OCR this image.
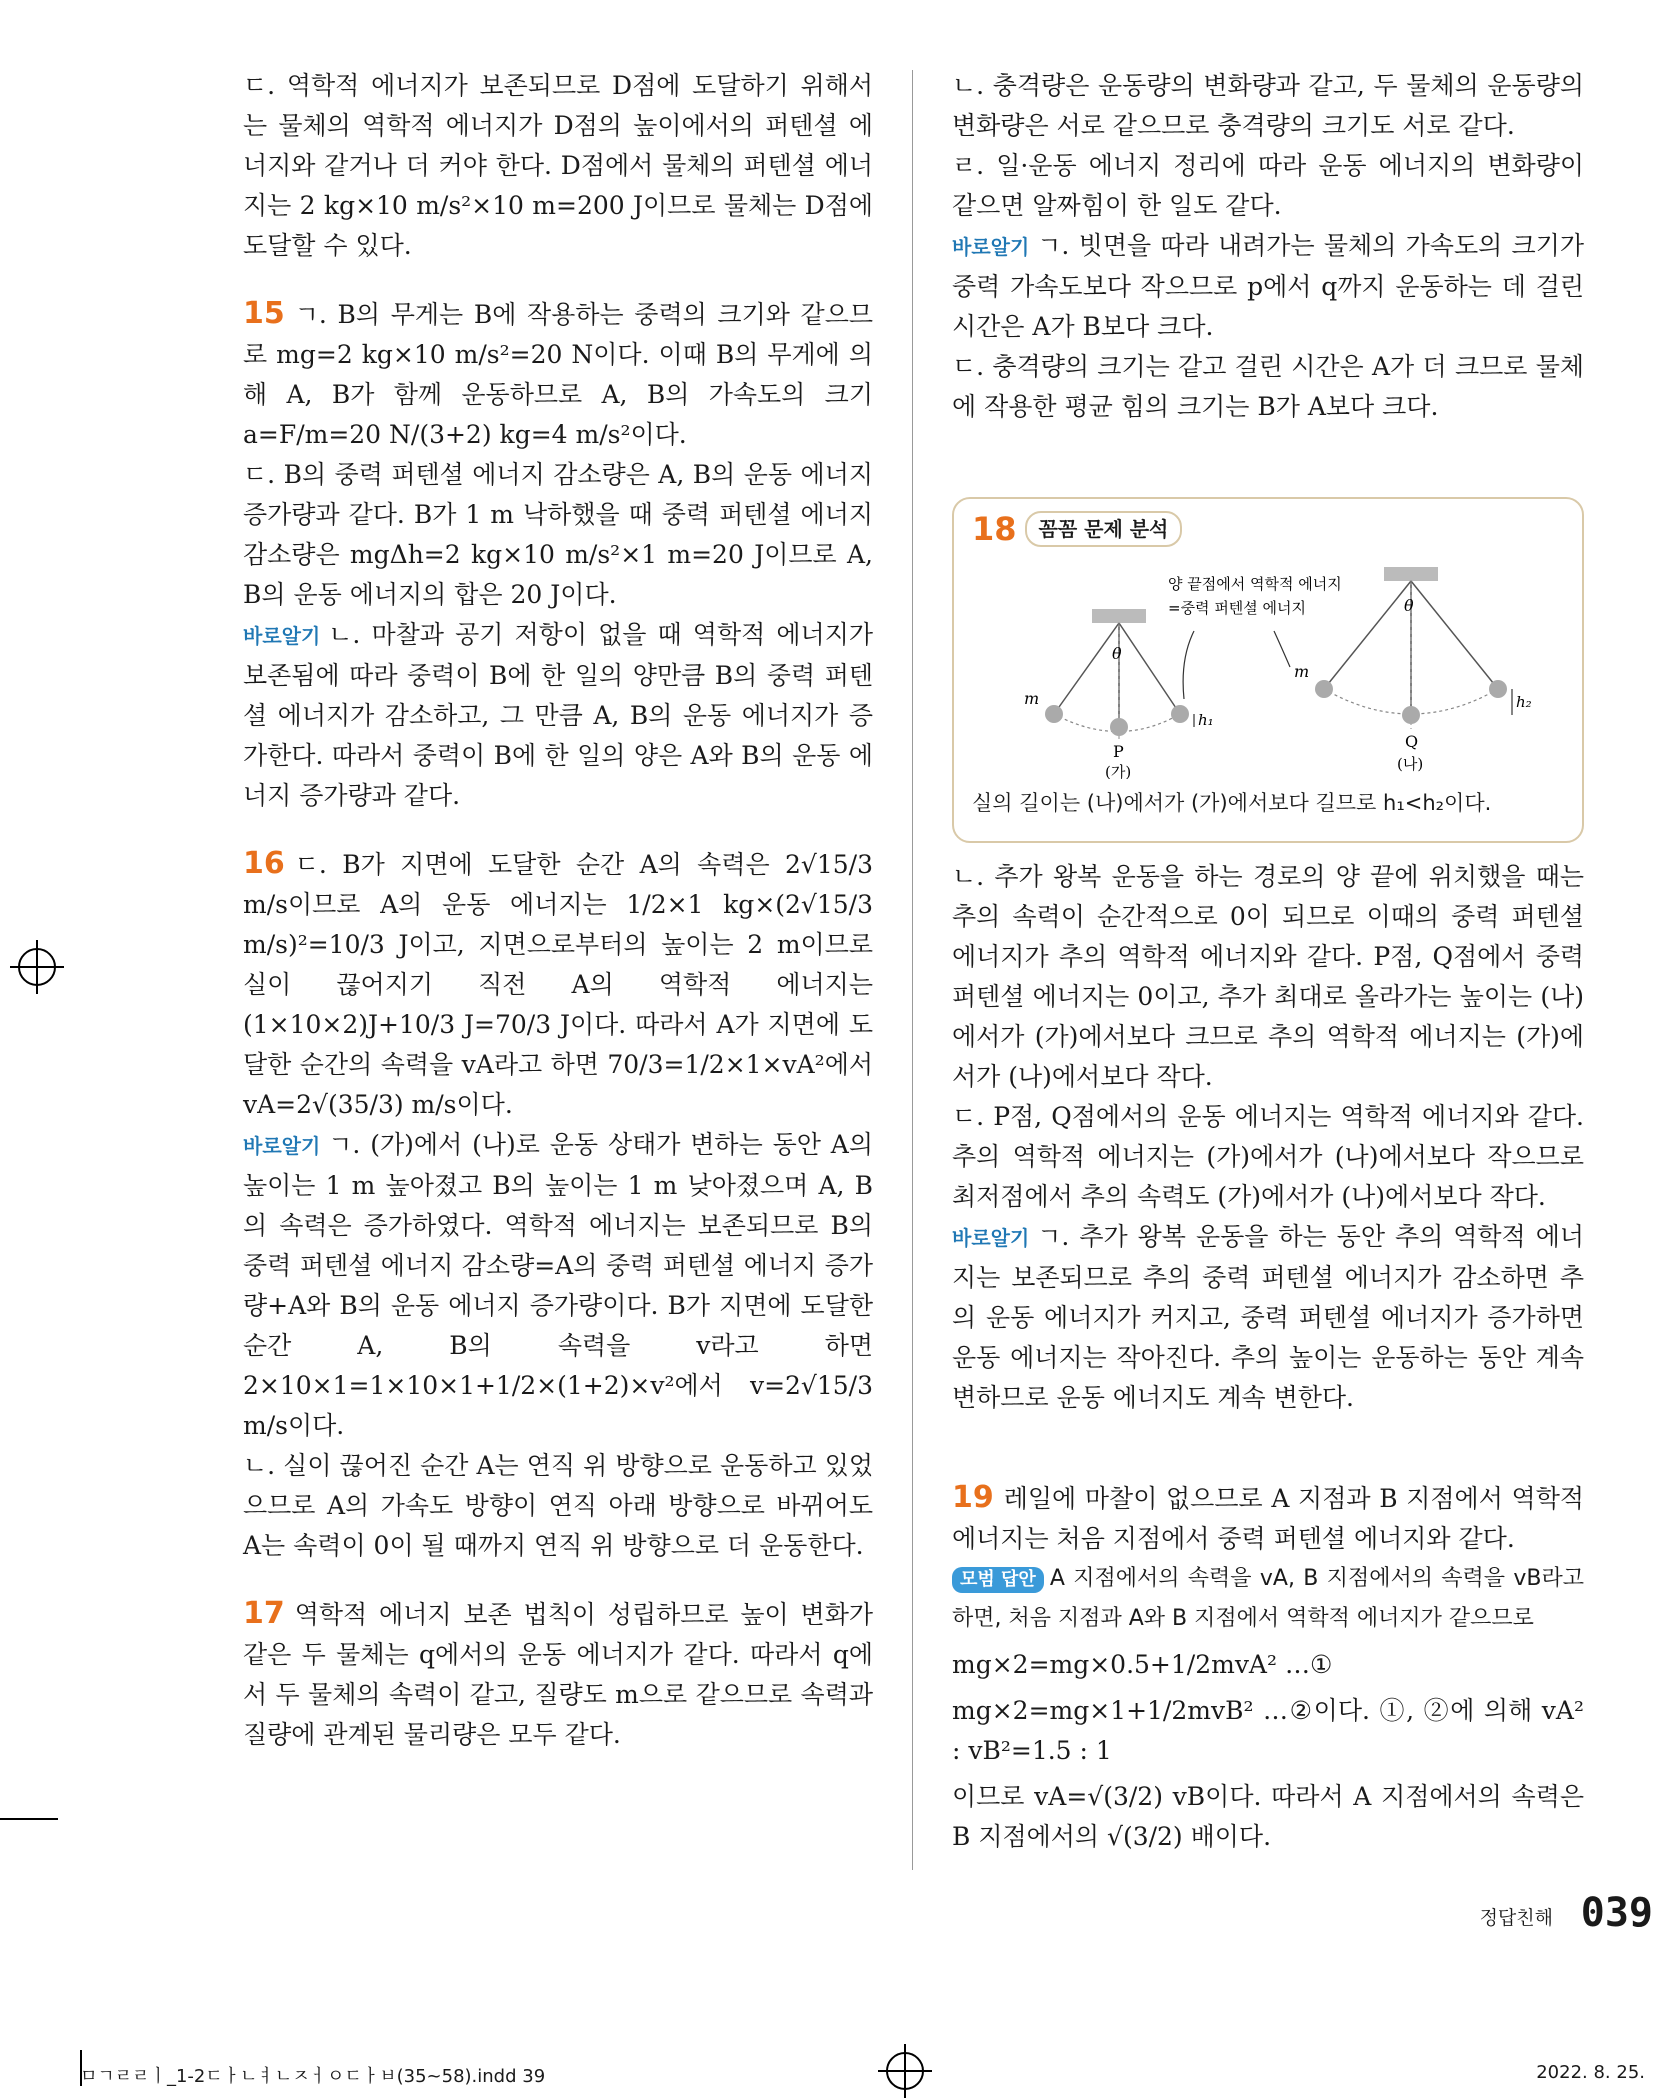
ㄷ. 역학적 에너지가 보존되므로 D점에 도달하기 위해서는 물체의 역학적 에너지가 D점의 높이에서의 퍼텐셜 에너지와 같거나 더 커야 한다. D점에서 물체의 퍼텐셜 에너지는 2 kg×10 m/s²×10 m=200 J이므로 물체는 D점에 도달할 수 있다.

15 ㄱ. B의 무게는 B에 작용하는 중력의 크기와 같으므로 mg=2 kg×10 m/s²=20 N이다. 이때 B의 무게에 의해 A, B가 함께 운동하므로 A, B의 가속도의 크기 a=F/m=20 N/(3+2) kg=4 m/s²이다.

ㄷ. B의 중력 퍼텐셜 에너지 감소량은 A, B의 운동 에너지 증가량과 같다. B가 1 m 낙하했을 때 중력 퍼텐셜 에너지 감소량은 mgΔh=2 kg×10 m/s²×1 m=20 J이므로 A, B의 운동 에너지의 합은 20 J이다.

바로알기 ㄴ. 마찰과 공기 저항이 없을 때 역학적 에너지가 보존됨에 따라 중력이 B에 한 일의 양만큼 B의 중력 퍼텐셜 에너지가 감소하고, 그 만큼 A, B의 운동 에너지가 증가한다. 따라서 중력이 B에 한 일의 양은 A와 B의 운동 에너지 증가량과 같다.

16 ㄷ. B가 지면에 도달한 순간 A의 속력은 2√15/3 m/s이므로 A의 운동 에너지는 1/2×1 kg×(2√15/3 m/s)²=10/3 J이고, 지면으로부터의 높이는 2 m이므로 실이 끊어지기 직전 A의 역학적 에너지는 (1×10×2)J+10/3 J=70/3 J이다. 따라서 A가 지면에 도달한 순간의 속력을 vA라고 하면 70/3=1/2×1×vA²에서 vA=2√(35/3) m/s이다.

바로알기 ㄱ. (가)에서 (나)로 운동 상태가 변하는 동안 A의 높이는 1 m 높아졌고 B의 높이는 1 m 낮아졌으며 A, B의 속력은 증가하였다. 역학적 에너지는 보존되므로 B의 중력 퍼텐셜 에너지 감소량=A의 중력 퍼텐셜 에너지 증가량+A와 B의 운동 에너지 증가량이다. B가 지면에 도달한 순간 A, B의 속력을 v라고 하면 2×10×1=1×10×1+1/2×(1+2)×v²에서 v=2√15/3 m/s이다.

ㄴ. 실이 끊어진 순간 A는 연직 위 방향으로 운동하고 있었으므로 A의 가속도 방향이 연직 아래 방향으로 바뀌어도 A는 속력이 0이 될 때까지 연직 위 방향으로 더 운동한다.

17 역학적 에너지 보존 법칙이 성립하므로 높이 변화가 같은 두 물체는 q에서의 운동 에너지가 같다. 따라서 q에서 두 물체의 속력이 같고, 질량도 m으로 같으므로 속력과 질량에 관계된 물리량은 모두 같다.

ㄴ. 충격량은 운동량의 변화량과 같고, 두 물체의 운동량의 변화량은 서로 같으므로 충격량의 크기도 서로 같다.

ㄹ. 일·운동 에너지 정리에 따라 운동 에너지의 변화량이 같으면 알짜힘이 한 일도 같다.

바로알기 ㄱ. 빗면을 따라 내려가는 물체의 가속도의 크기가 중력 가속도보다 작으므로 p에서 q까지 운동하는 데 걸린 시간은 A가 B보다 크다.

ㄷ. 충격량의 크기는 같고 걸린 시간은 A가 더 크므로 물체에 작용한 평균 힘의 크기는 B가 A보다 크다.

18	꼼꼼 문제 분석
m
θ
h₁
P
(가)
양 끝점에서 역학적 에너지
=중력 퍼텐셜 에너지
m
θ
h₂
Q
(나)
실의 길이는 (나)에서가 (가)에서보다 길므로 h₁<h₂이다.

ㄴ. 추가 왕복 운동을 하는 경로의 양 끝에 위치했을 때는 추의 속력이 순간적으로 0이 되므로 이때의 중력 퍼텐셜 에너지가 추의 역학적 에너지와 같다. P점, Q점에서 중력 퍼텐셜 에너지는 0이고, 추가 최대로 올라가는 높이는 (나)에서가 (가)에서보다 크므로 추의 역학적 에너지는 (가)에서가 (나)에서보다 작다.

ㄷ. P점, Q점에서의 운동 에너지는 역학적 에너지와 같다. 추의 역학적 에너지는 (가)에서가 (나)에서보다 작으므로 최저점에서 추의 속력도 (가)에서가 (나)에서보다 작다.

바로알기 ㄱ. 추가 왕복 운동을 하는 동안 추의 역학적 에너지는 보존되므로 추의 중력 퍼텐셜 에너지가 감소하면 추의 운동 에너지가 커지고, 중력 퍼텐셜 에너지가 증가하면 운동 에너지는 작아진다. 추의 높이는 운동하는 동안 계속 변하므로 운동 에너지도 계속 변한다.

19 레일에 마찰이 없으므로 A 지점과 B 지점에서 역학적 에너지는 처음 지점에서 중력 퍼텐셜 에너지와 같다.

모범 답안 A 지점에서의 속력을 vA, B 지점에서의 속력을 vB라고 하면, 처음 지점과 A와 B 지점에서 역학적 에너지가 같으므로

mg×2=mg×0.5+1/2mvA² …①

mg×2=mg×1+1/2mvB² …②이다. ①, ②에 의해 vA² : vB²=1.5 : 1

이므로 vA=√(3/2) vB이다. 따라서 A 지점에서의 속력은 B 지점에서의 √(3/2) 배이다.

정답친해 039
ㅁㄱㄹㄹㅣ_1-2ㄷㅏㄴㅕㄴㅈㅓㅇㄷㅏㅂ(35~58).indd 39	2022. 8. 25.
